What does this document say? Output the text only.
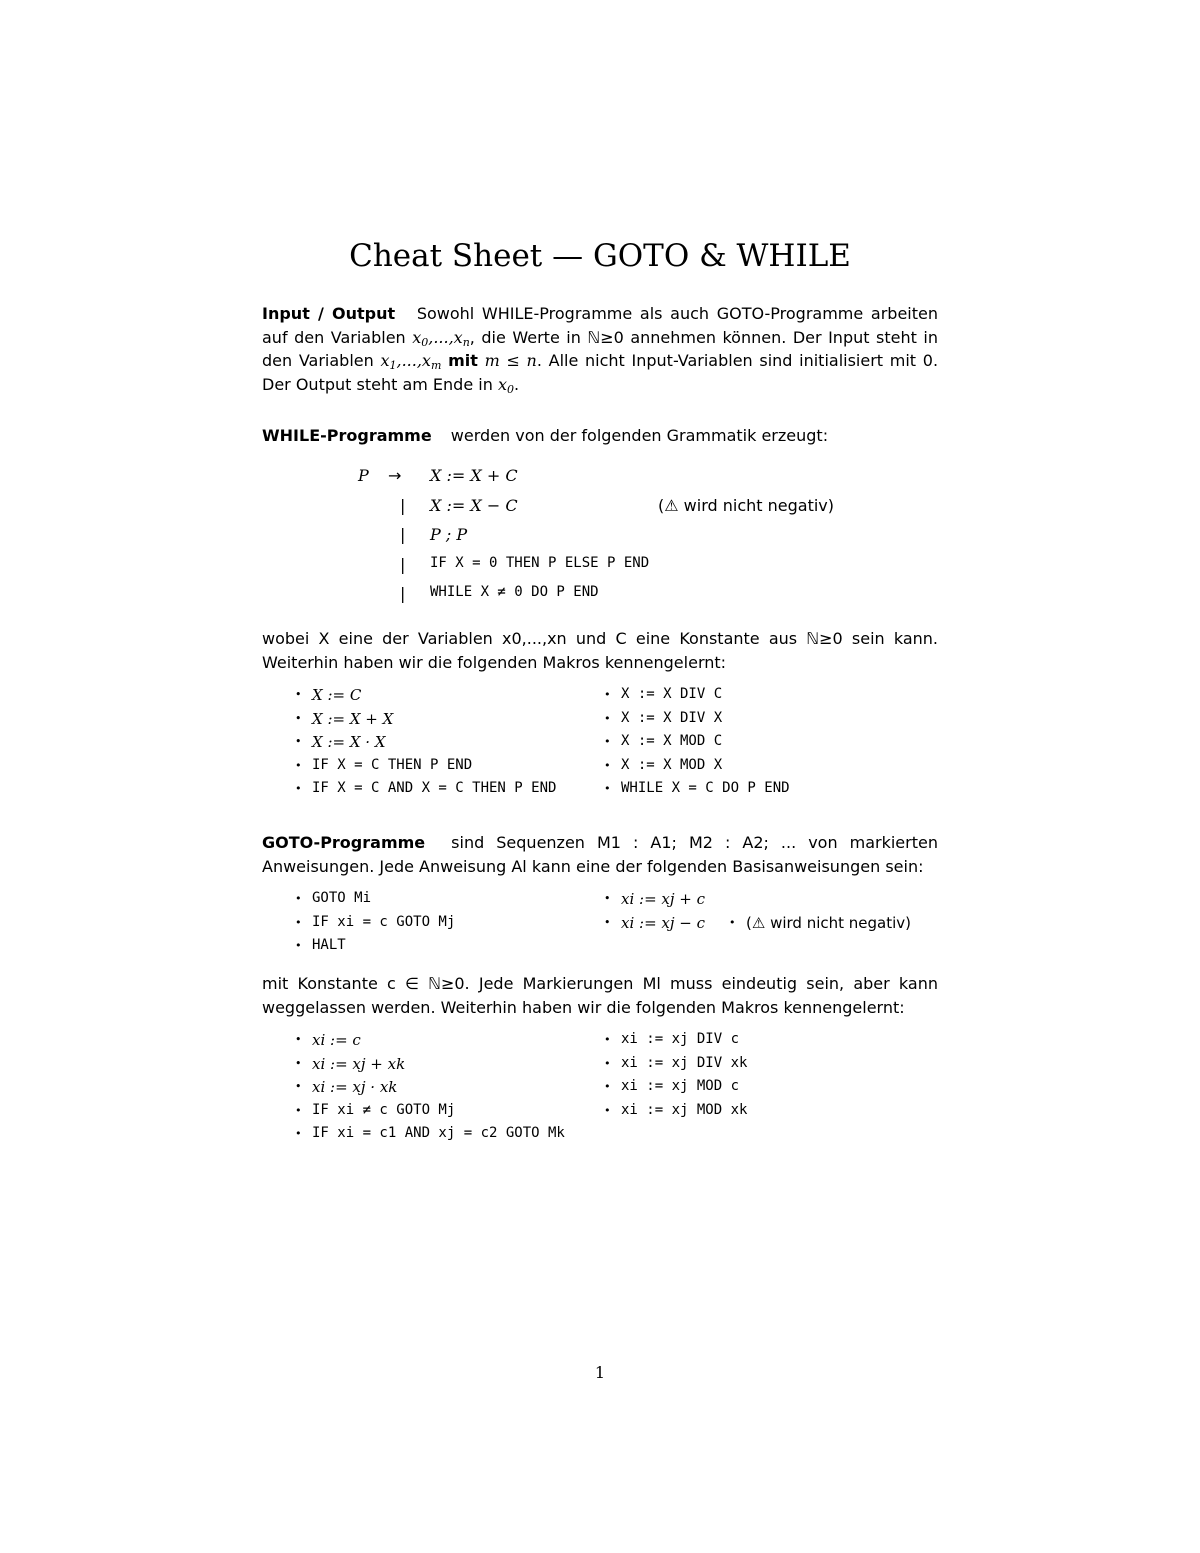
Cheat Sheet — GOTO & WHILE
Input / Output Sowohl WHILE-Programme als auch GOTO-Programme arbeiten auf den Variablen $x_0,...,x_n$, die Werte in ℕ≥0 annehmen können. Der Input steht in den Variablen $x_1,...,x_m$ mit m ≤ n. Alle nicht Input-Variablen sind initialisiert mit 0. Der Output steht am Ende in $x_0$.
WHILE-Programme werden von der folgenden Grammatik erzeugt:
P → X := X + C
| X := X − C	(⚠ wird nicht negativ)
| P ; P
| IF X = 0 THEN P ELSE P END
| WHILE X ≠ 0 DO P END
wobei X eine der Variablen x0,...,xn und C eine Konstante aus ℕ≥0 sein kann. Weiterhin haben wir die folgenden Makros kennengelernt:
• X := C
• X := X + X
• X := X · X
• IF X = C THEN P END
• IF X = C AND X = C THEN P END
• X := X DIV C
• X := X DIV X
• X := X MOD C
• X := X MOD X
• WHILE X = C DO P END
GOTO-Programme sind Sequenzen M1 : A1; M2 : A2; ... von markierten Anweisungen. Jede Anweisung Al kann eine der folgenden Basisanweisungen sein:
• GOTO Mi
• IF xi = c GOTO Mj
• HALT
• xi := xj + c
• xi := xj − c
•	(⚠ wird nicht negativ)
mit Konstante c ∈ ℕ≥0. Jede Markierungen Ml muss eindeutig sein, aber kann weggelassen werden. Weiterhin haben wir die folgenden Makros kennengelernt:
• xi := c
• xi := xj + xk
• xi := xj · xk
• IF xi ≠ c GOTO Mj
• IF xi = c1 AND xj = c2 GOTO Mk
• xi := xj DIV c
• xi := xj DIV xk
• xi := xj MOD c
• xi := xj MOD xk
1
